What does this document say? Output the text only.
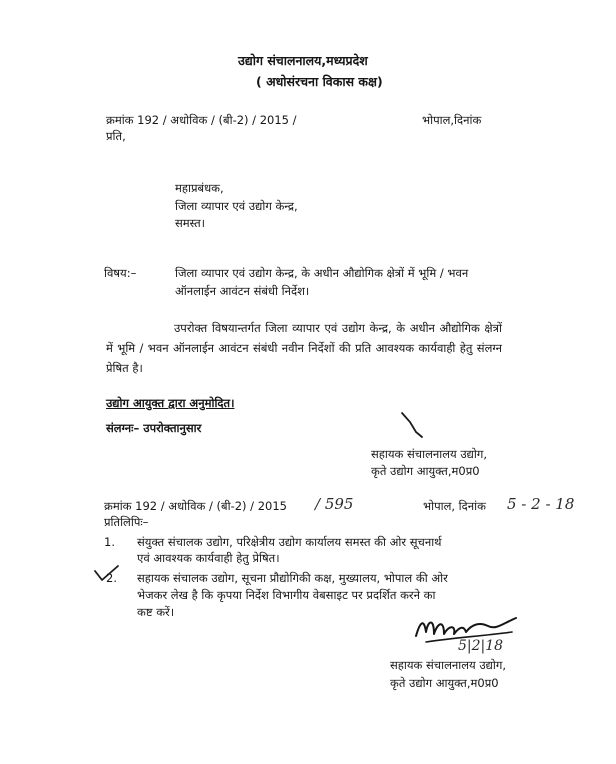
उद्योग संचालनालय,मध्यप्रदेश
( अधोसंरचना विकास कक्ष)
क्रमांक 192 / अधोविक / (बी-2) / 2015 /	भोपाल,दिनांक
प्रति,
महाप्रबंधक,
जिला व्यापार एवं उद्योग केन्द्र,
समस्त।
विषय:–	जिला व्यापार एवं उद्योग केन्द्र, के अधीन औद्योगिक क्षेत्रों में भूमि / भवन
ऑनलाईन आवंटन संबंधी निर्देश।
उपरोक्त विषयान्तर्गत जिला व्यापार एवं उद्योग केन्द्र, के अधीन औद्योगिक क्षेत्रों में भूमि / भवन ऑनलाईन आवंटन संबंधी नवीन निर्देशों की प्रति आवश्यक कार्यवाही हेतु संलग्न प्रेषित है।
उद्योग आयुक्त द्वारा अनुमोदित।
संलग्नः– उपरोक्तानुसार
सहायक संचालनालय उद्योग,
कृते उद्योग आयुक्त,म0प्र0
क्रमांक 192 / अधोविक / (बी-2) / 2015 / 595	भोपाल, दिनांक 5 - 2 - 18
प्रतिलिपिः–
1. संयुक्त संचालक उद्योग, परिक्षेत्रीय उद्योग कार्यालय समस्त की ओर सूचनार्थ
एवं आवश्यक कार्यवाही हेतु प्रेषित।
2. सहायक संचालक उद्योग, सूचना प्रौद्योगिकी कक्ष, मुख्यालय, भोपाल की ओर
भेजकर लेख है कि कृपया निर्देश विभागीय वेबसाइट पर प्रदर्शित करने का
कष्ट करें।
5|2|18
सहायक संचालनालय उद्योग,
कृते उद्योग आयुक्त,म0प्र0
